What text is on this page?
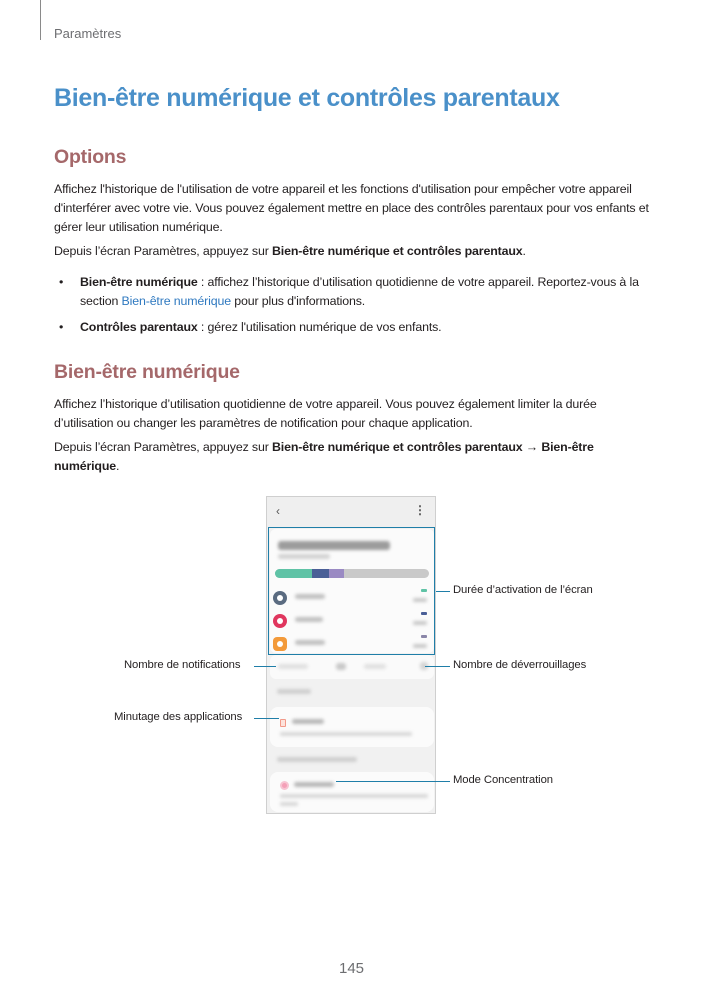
Paramètres
Bien-être numérique et contrôles parentaux
Options

Affichez l'historique de l'utilisation de votre appareil et les fonctions d'utilisation pour empêcher votre appareil d'interférer avec votre vie. Vous pouvez également mettre en place des contrôles parentaux pour vos enfants et gérer leur utilisation numérique.

Depuis l’écran Paramètres, appuyez sur Bien-être numérique et contrôles parentaux.

• Bien-être numérique : affichez l’historique d’utilisation quotidienne de votre appareil. Reportez-vous à la section Bien-être numérique pour plus d'informations.
• Contrôles parentaux : gérez l'utilisation numérique de vos enfants.
Bien-être numérique

Affichez l’historique d’utilisation quotidienne de votre appareil. Vous pouvez également limiter la durée d’utilisation ou changer les paramètres de notification pour chaque application.

Depuis l’écran Paramètres, appuyez sur Bien-être numérique et contrôles parentaux → Bien-être numérique.

‹	⋮
Durée d’activation de l’écran
Nombre de notifications	Nombre de déverrouillages
Minutage des applications
Mode Concentration
145
